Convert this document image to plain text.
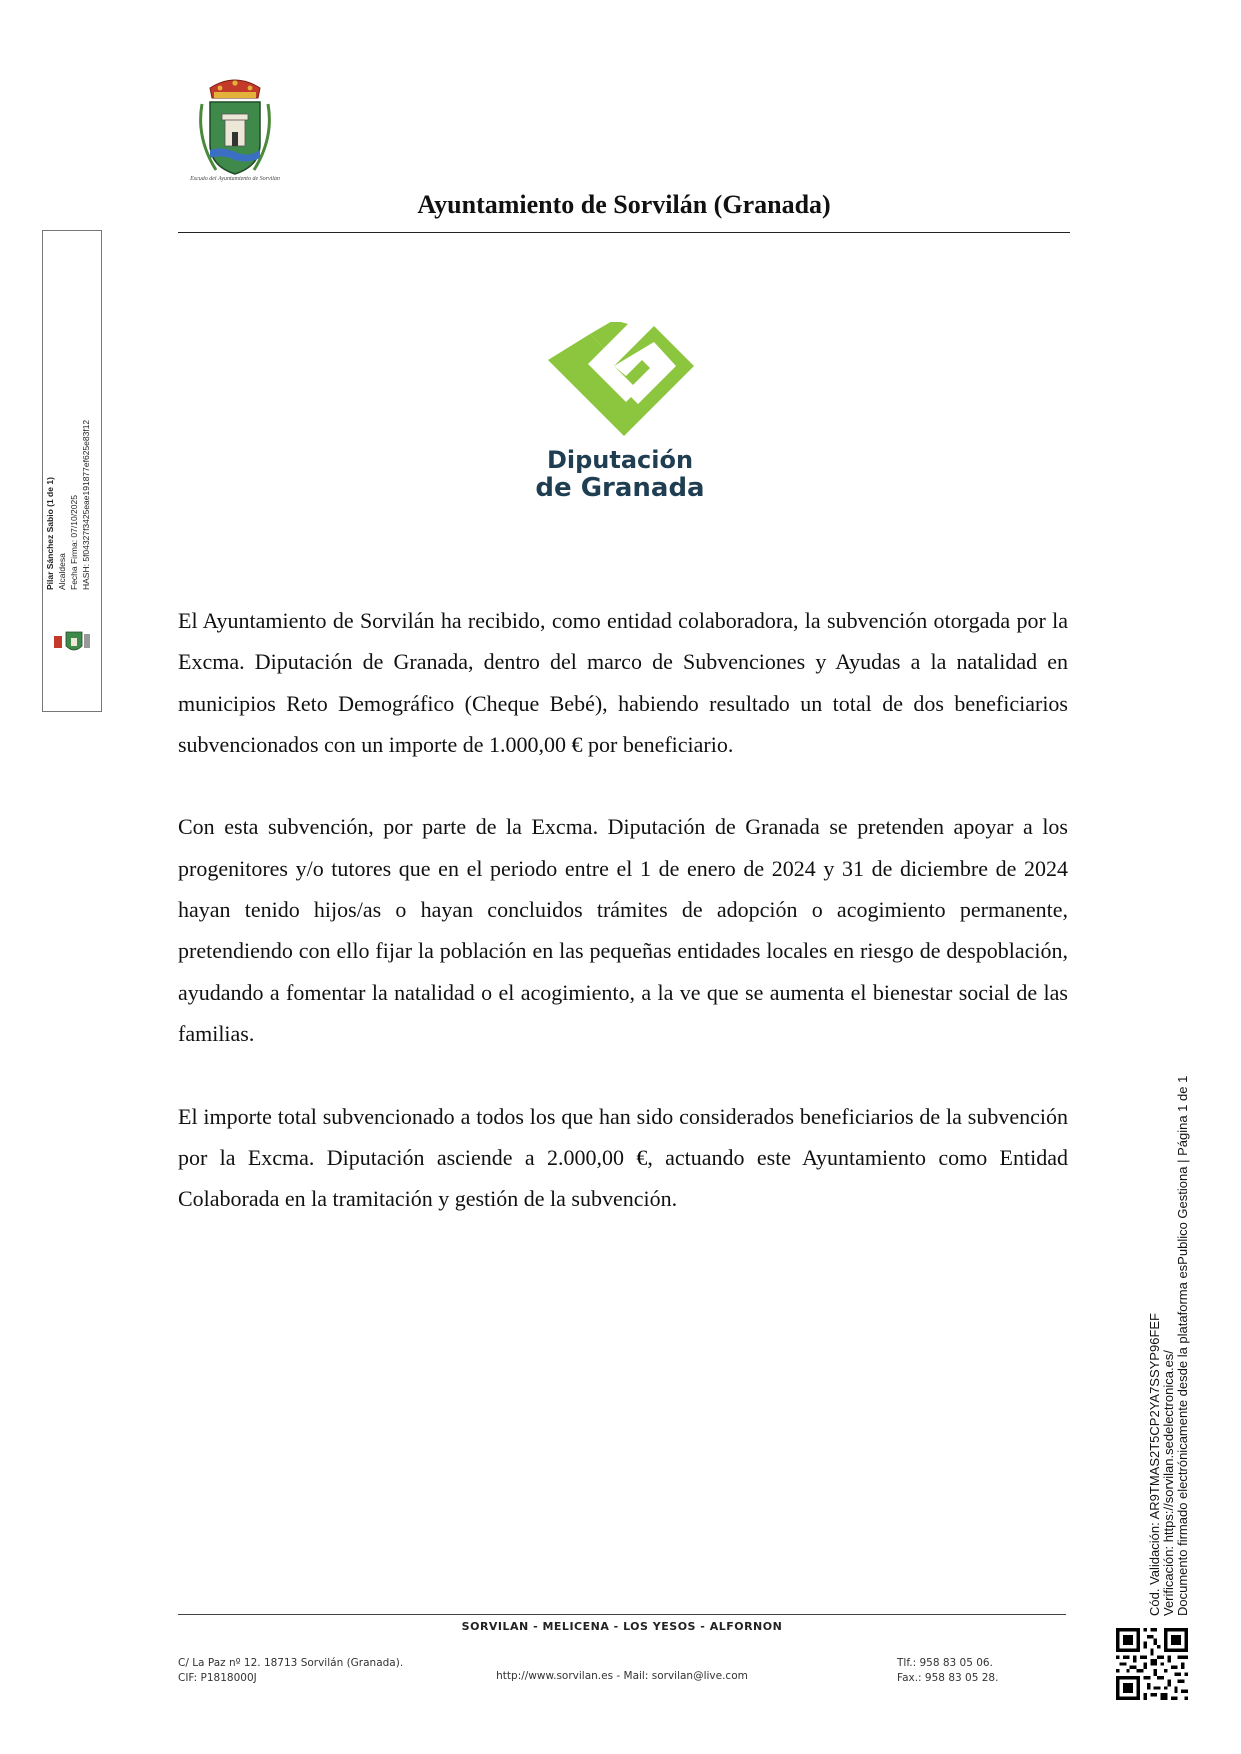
Escudo del Ayuntamiento de Sorvilán
Ayuntamiento de Sorvilán (Granada)
Diputación
de Granada

El Ayuntamiento de Sorvilán ha recibido, como entidad colaboradora, la subvención otorgada por la Excma. Diputación de Granada, dentro del marco de Subvenciones y Ayudas a la natalidad en municipios Reto Demográfico (Cheque Bebé), habiendo resultado un total de dos beneficiarios subvencionados con un importe de 1.000,00 € por beneficiario.

Con esta subvención, por parte de la Excma. Diputación de Granada se pretenden apoyar a los progenitores y/o tutores que en el periodo entre el 1 de enero de 2024 y 31 de diciembre de 2024 hayan tenido hijos/as o hayan concluidos trámites de adopción o acogimiento permanente, pretendiendo con ello fijar la población en las pequeñas entidades locales en riesgo de despoblación, ayudando a fomentar la natalidad o el acogimiento, a la ve que se aumenta el bienestar social de las familias.

El importe total subvencionado a todos los que han sido considerados beneficiarios de la subvención por la Excma. Diputación asciende a 2.000,00 €, actuando este Ayuntamiento como Entidad Colaborada en la tramitación y gestión de la subvención.

Pilar Sánchez Sabio (1 de 1) Alcaldesa Fecha Firma: 07/10/2025 HASH: 5f04327f3425eae191877ef625e83f12
Cód. Validación: AR9TMAS2T5CP2YA7SSYP96FEF Verificación: https://sorvilan.sedelectronica.es/ Documento firmado electrónicamente desde la plataforma esPublico Gestiona | Página 1 de 1
SORVILAN - MELICENA - LOS YESOS - ALFORNON
C/ La Paz nº 12. 18713 Sorvilán (Granada).
CIF: P1818000J	http://www.sorvilan.es - Mail: sorvilan@live.com
Tlf.: 958 83 05 06.
Fax.: 958 83 05 28.
